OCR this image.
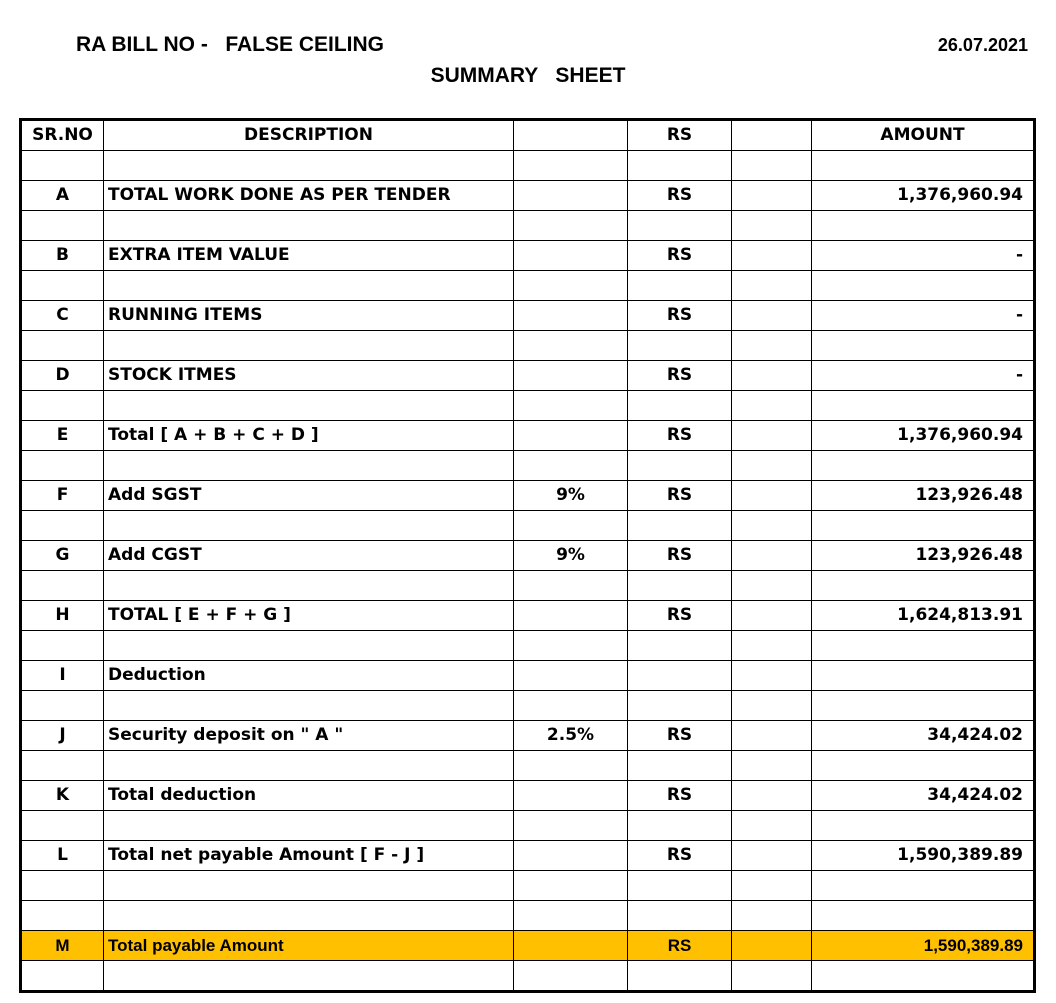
RA BILL NO -   FALSE CEILING	26.07.2021
SUMMARY   SHEET
SR.NO	DESCRIPTION		RS		AMOUNT

A	TOTAL WORK DONE AS PER TENDER		RS		1,376,960.94

B	EXTRA ITEM VALUE		RS		-

C	RUNNING ITEMS		RS		-

D	STOCK ITMES		RS		-

E	Total [ A + B + C + D ]		RS		1,376,960.94

F	Add SGST	9%	RS		123,926.48

G	Add CGST	9%	RS		123,926.48

H	TOTAL [ E + F + G ]		RS		1,624,813.91

I	Deduction				

J	Security deposit on " A "	2.5%	RS		34,424.02

K	Total deduction		RS		34,424.02

L	Total net payable Amount [ F - J ]		RS		1,590,389.89

M	Total payable Amount		RS		1,590,389.89
